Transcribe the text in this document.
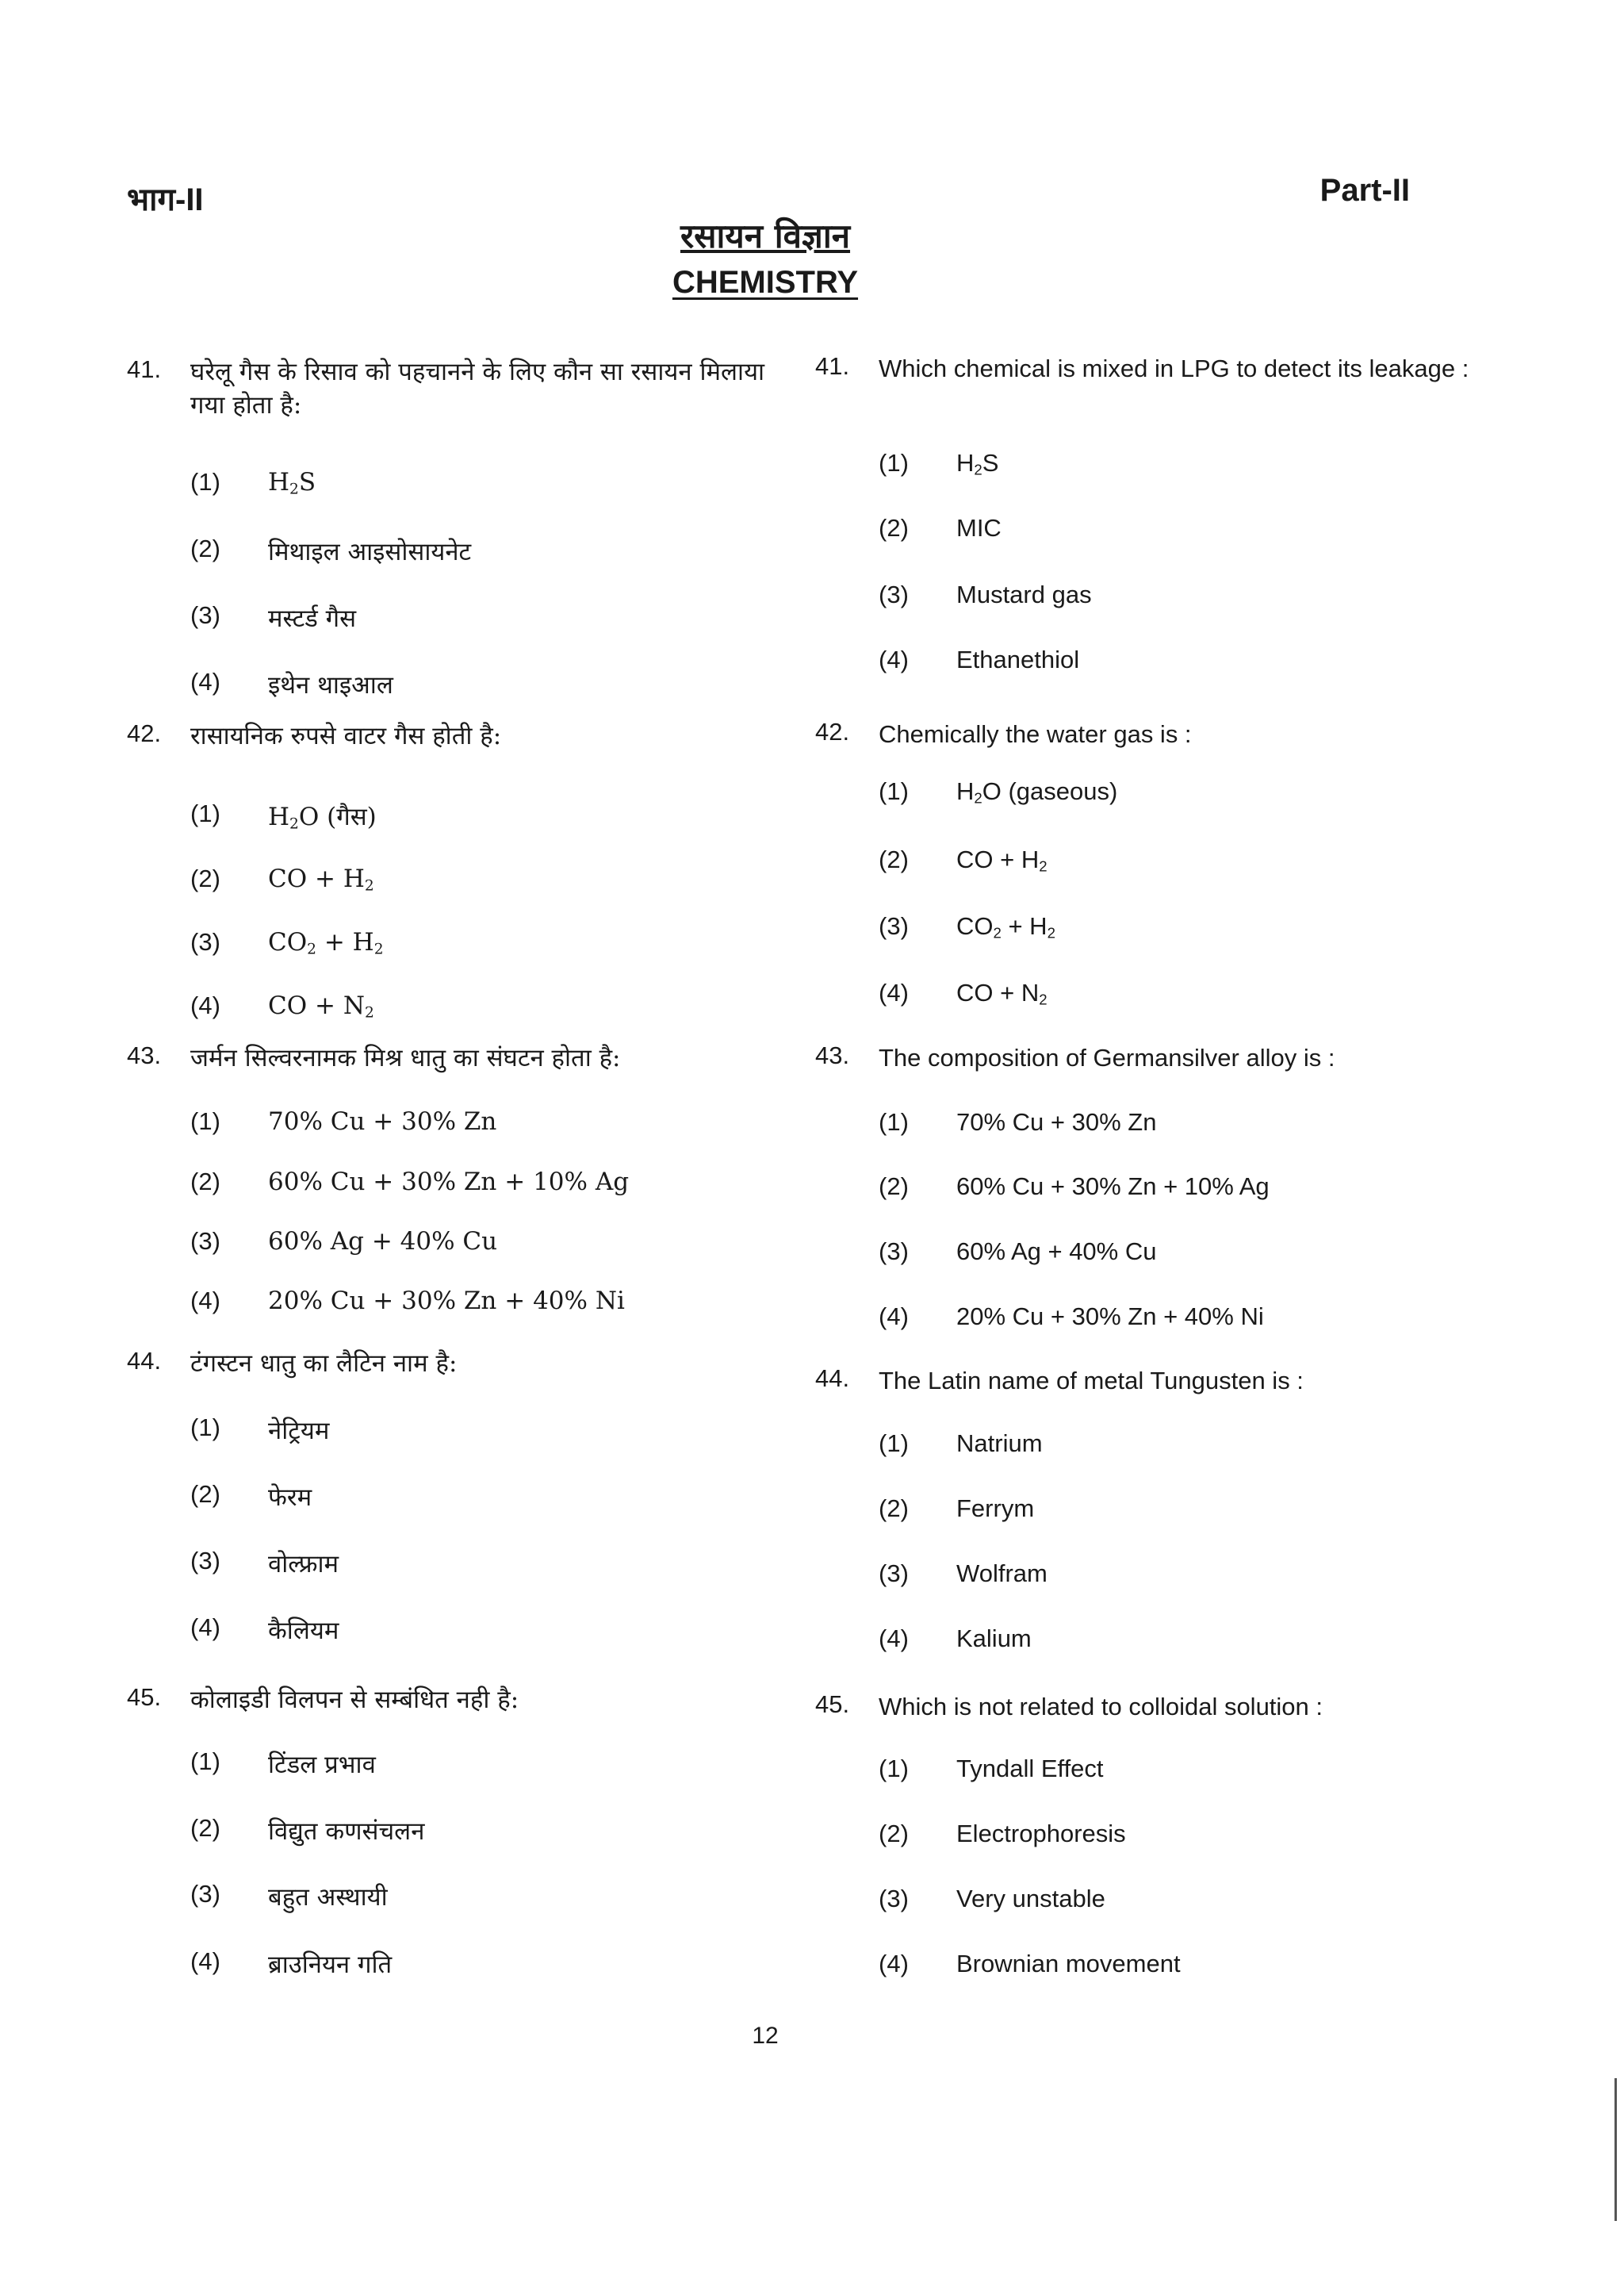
भाग-II	Part-II
रसायन विज्ञान
CHEMISTRY
41. घरेलू गैस के रिसाव को पहचानने के लिए कौन सा रसायन मिलाया गया होता है:
(1) $H_2S$
(2) मिथाइल आइसोसायनेट
(3) मस्टर्ड गैस
(4) इथेन थाइआल
42. रासायनिक रुपसे वाटर गैस होती है:
(1) $H_2O$ (गैस)
(2) CO + $H_2$
(3) $CO_2 + H_2$
(4) CO + $N_2$
43. जर्मन सिल्वरनामक मिश्र धातु का संघटन होता है:
(1) 70% Cu + 30% Zn
(2) 60% Cu + 30% Zn + 10% Ag
(3) 60% Ag + 40% Cu
(4) 20% Cu + 30% Zn + 40% Ni
44. टंगस्टन धातु का लैटिन नाम है:
(1) नेट्रियम
(2) फेरम
(3) वोल्फ्राम
(4) कैलियम
45. कोलाइडी विलपन से सम्बंधित नही है:
(1) टिंडल प्रभाव
(2) विद्युत कणसंचलन
(3) बहुत अस्थायी
(4) ब्राउनियन गति
41. Which chemical is mixed in LPG to detect its leakage :
(1) $H_2S$
(2) MIC
(3) Mustard gas
(4) Ethanethiol
42. Chemically the water gas is :
(1) $H_2O$ (gaseous)
(2) CO + $H_2$
(3) $CO_2 + H_2$
(4) CO + $N_2$
43. The composition of Germansilver alloy is :
(1) 70% Cu + 30% Zn
(2) 60% Cu + 30% Zn + 10% Ag
(3) 60% Ag + 40% Cu
(4) 20% Cu + 30% Zn + 40% Ni
44. The Latin name of metal Tungusten is :
(1) Natrium
(2) Ferrym
(3) Wolfram
(4) Kalium
45. Which is not related to colloidal solution :
(1) Tyndall Effect
(2) Electrophoresis
(3) Very unstable
(4) Brownian movement
12
